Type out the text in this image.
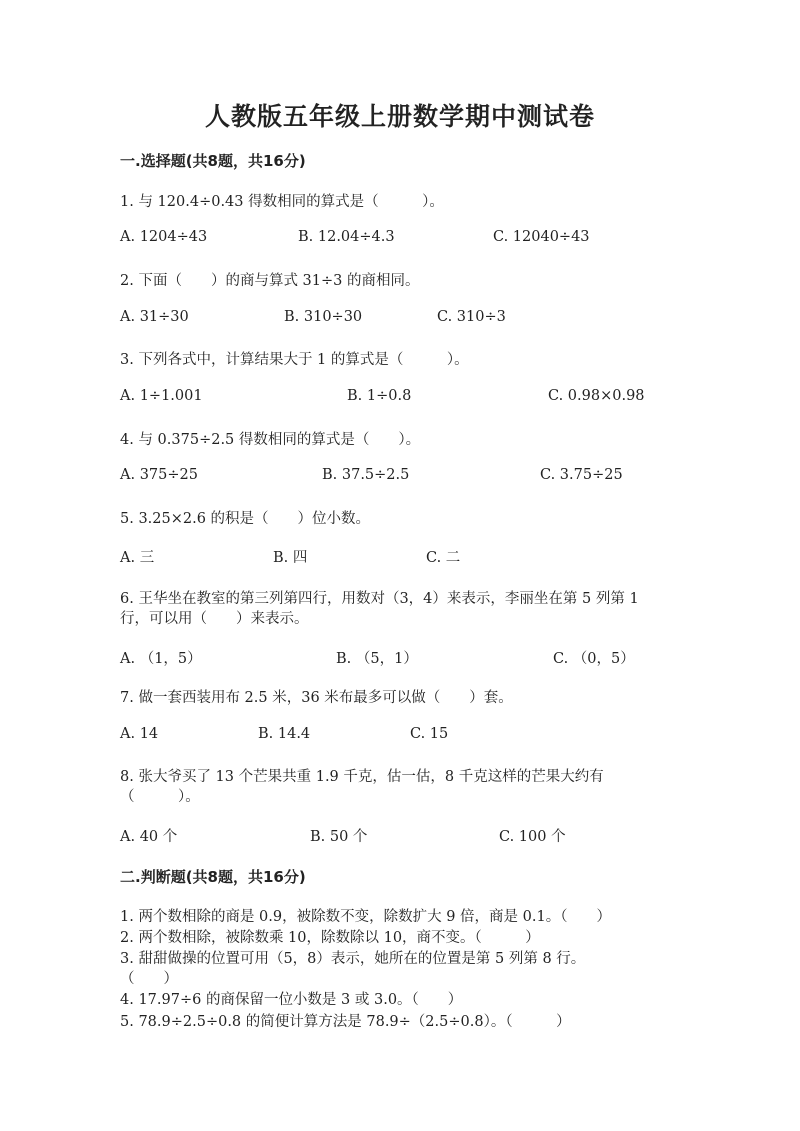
人教版五年级上册数学期中测试卷
一.选择题(共8题，共16分)
1. 与 120.4÷0.43 得数相同的算式是（　　　）。
A. 1204÷43	B. 12.04÷4.3	C. 12040÷43
2. 下面（　　）的商与算式 31÷3 的商相同。
A. 31÷30	B. 310÷30	C. 310÷3
3. 下列各式中，计算结果大于 1 的算式是（　　　）。
A. 1÷1.001	B. 1÷0.8	C. 0.98×0.98
4. 与 0.375÷2.5 得数相同的算式是（　　）。
A. 375÷25	B. 37.5÷2.5	C. 3.75÷25
5. 3.25×2.6 的积是（　　）位小数。
A. 三	B. 四	C. 二
6. 王华坐在教室的第三列第四行，用数对（3，4）来表示，李丽坐在第 5 列第 1
行，可以用（　　）来表示。
A. （1，5）	B. （5，1）	C. （0，5）
7. 做一套西装用布 2.5 米，36 米布最多可以做（　　）套。
A. 14	B. 14.4	C. 15
8. 张大爷买了 13 个芒果共重 1.9 千克，估一估，8 千克这样的芒果大约有
（　　　）。
A. 40 个	B. 50 个	C. 100 个
二.判断题(共8题，共16分)
1. 两个数相除的商是 0.9，被除数不变，除数扩大 9 倍，商是 0.1。（　　）
2. 两个数相除，被除数乘 10，除数除以 10，商不变。（　　　）
3. 甜甜做操的位置可用（5，8）表示，她所在的位置是第 5 列第 8 行。
（　　）
4. 17.97÷6 的商保留一位小数是 3 或 3.0。（　　）
5. 78.9÷2.5÷0.8 的简便计算方法是 78.9÷（2.5÷0.8）。（　　　）
